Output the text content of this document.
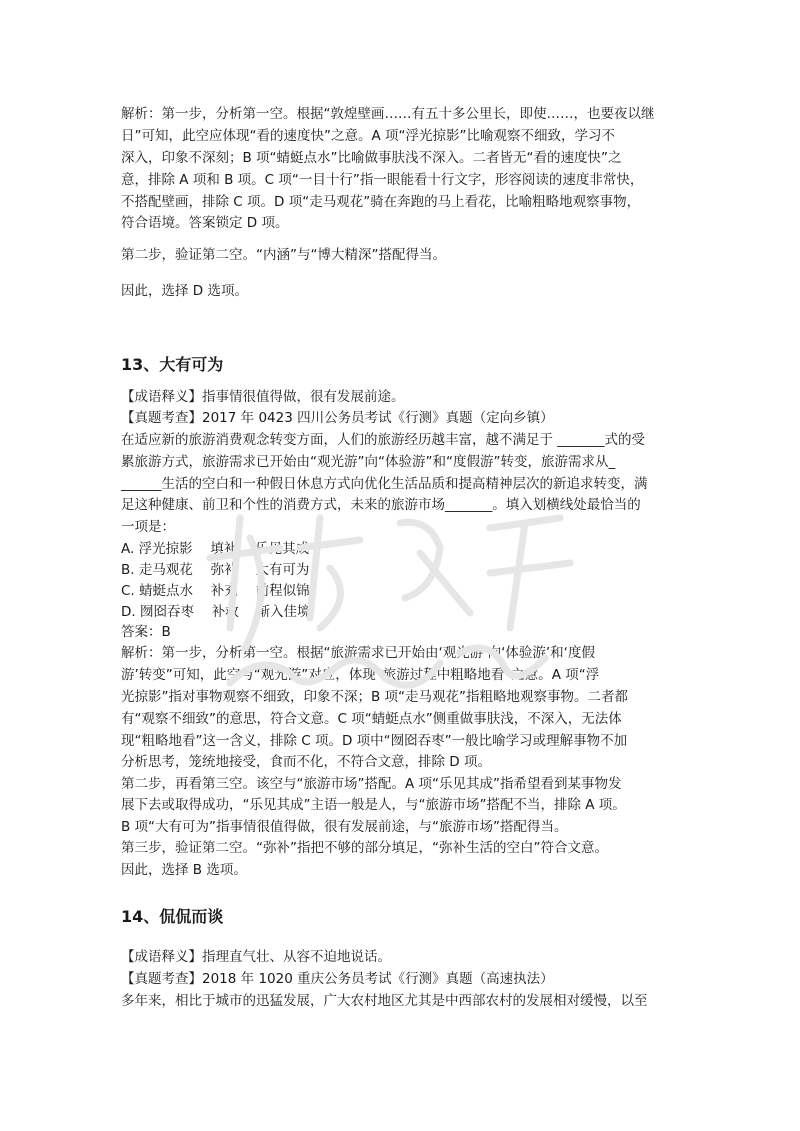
解析：第一步，分析第一空。根据“敦煌壁画……有五十多公里长，即使……，也要夜以继

日”可知，此空应体现“看的速度快”之意。A 项“浮光掠影”比喻观察不细致，学习不

深入，印象不深刻；B 项“蜻蜓点水”比喻做事肤浅不深入。二者皆无“看的速度快”之

意，排除 A 项和 B 项。C 项“一目十行”指一眼能看十行文字，形容阅读的速度非常快，

不搭配壁画，排除 C 项。D 项“走马观花”骑在奔跑的马上看花，比喻粗略地观察事物，

符合语境。答案锁定 D 项。

第二步，验证第二空。“内涵”与“博大精深”搭配得当。

因此，选择 D 选项。

13、大有可为

【成语释义】指事情很值得做，很有发展前途。

【真题考查】2017 年 0423 四川公务员考试《行测》真题（定向乡镇）

在适应新的旅游消费观念转变方面，人们的旅游经历越丰富，越不满足于 _______式的受

累旅游方式，旅游需求已开始由“观光游”向“体验游”和“度假游”转变，旅游需求从_

______生活的空白和一种假日休息方式向优化生活品质和提高精神层次的新追求转变，满

足这种健康、前卫和个性的消费方式，未来的旅游市场_______。填入划横线处最恰当的

一项是：

A. 浮光掠影　 填补　 乐见其成

B. 走马观花　 弥补　 大有可为

C. 蜻蜓点水　 补充　 前程似锦

D. 囫囵吞枣　 补救　 渐入佳境

答案：B

解析：第一步，分析第一空。根据“旅游需求已开始由‘观光游’向‘体验游’和‘度假

游’转变”可知，此空与“观光游”对应，体现“旅游过程中粗略地看”之意。A 项“浮

光掠影”指对事物观察不细致，印象不深；B 项“走马观花”指粗略地观察事物。二者都

有“观察不细致”的意思，符合文意。C 项“蜻蜓点水”侧重做事肤浅，不深入，无法体

现“粗略地看”这一含义，排除 C 项。D 项中“囫囵吞枣”一般比喻学习或理解事物不加

分析思考，笼统地接受，食而不化，不符合文意，排除 D 项。

第二步，再看第三空。该空与“旅游市场”搭配。A 项“乐见其成”指希望看到某事物发

展下去或取得成功，“乐见其成”主语一般是人，与“旅游市场”搭配不当，排除 A 项。

B 项“大有可为”指事情很值得做，很有发展前途，与“旅游市场”搭配得当。

第三步，验证第二空。“弥补”指把不够的部分填足，“弥补生活的空白”符合文意。

因此，选择 B 选项。

14、侃侃而谈

【成语释义】指理直气壮、从容不迫地说话。

【真题考查】2018 年 1020 重庆公务员考试《行测》真题（高速执法）

多年来，相比于城市的迅猛发展，广大农村地区尤其是中西部农村的发展相对缓慢，以至
